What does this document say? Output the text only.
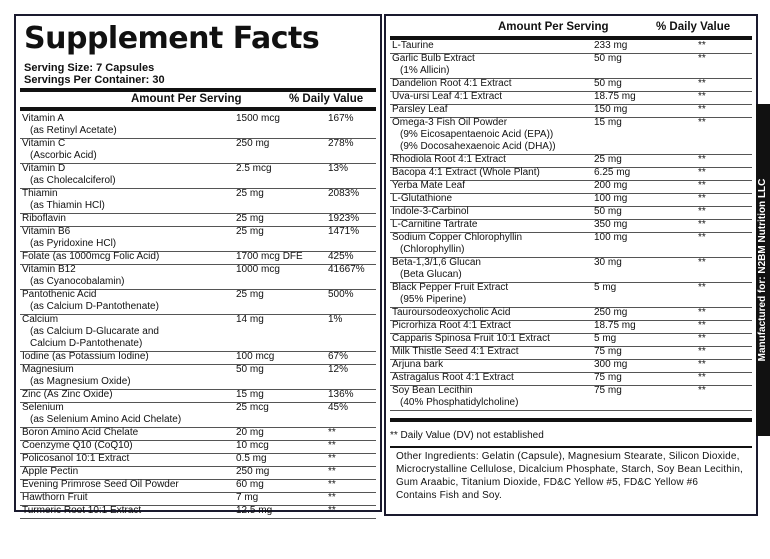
Supplement Facts
Serving Size: 7 Capsules
Servings Per Container: 30
Amount Per Serving	% Daily Value
Vitamin A
(as Retinyl Acetate)
1500 mcg	167%
Vitamin C
(Ascorbic Acid)
250 mg	278%
Vitamin D
(as Cholecalciferol)
2.5 mcg	13%
Thiamin
(as Thiamin HCl)
25 mg	2083%
Riboflavin	25 mg	1923%
Vitamin B6
(as Pyridoxine HCl)
25 mg	1471%
Folate (as 1000mcg Folic Acid)	1700 mcg DFE	425%
Vitamin B12
(as Cyanocobalamin)
1000 mcg	41667%
Pantothenic Acid
(as Calcium D-Pantothenate)
25 mg	500%
Calcium
(as Calcium D-Glucarate and
Calcium D-Pantothenate)
14 mg	1%
Iodine (as Potassium Iodine)	100 mcg	67%
Magnesium
(as Magnesium Oxide)
50 mg	12%
Zinc (As Zinc Oxide)	15 mg	136%
Selenium
(as Selenium Amino Acid Chelate)
25 mcg	45%
Boron Amino Acid Chelate	20 mg	**
Coenzyme Q10 (CoQ10)	10 mcg	**
Policosanol 10:1 Extract	0.5 mg	**
Apple Pectin	250 mg	**
Evening Primrose Seed Oil Powder	60 mg	**
Hawthorn Fruit	7 mg	**
Turmeric Root 10:1 Extract	12.5 mg	**
Amount Per Serving	% Daily Value
L-Taurine	233 mg	**
Garlic Bulb Extract
(1% Allicin)
50 mg	**
Dandelion Root 4:1 Extract	50 mg	**
Uva-ursi Leaf 4:1 Extract	18.75 mg	**
Parsley Leaf	150 mg	**
Omega-3 Fish Oil Powder
(9% Eicosapentaenoic Acid (EPA))
(9% Docosahexaenoic Acid (DHA))
15 mg	**
Rhodiola Root 4:1 Extract	25 mg	**
Bacopa 4:1 Extract (Whole Plant)	6.25 mg	**
Yerba Mate Leaf	200 mg	**
L-Glutathione	100 mg	**
Indole-3-Carbinol	50 mg	**
L-Carnitine Tartrate	350 mg	**
Sodium Copper Chlorophyllin
(Chlorophyllin)
100 mg	**
Beta-1,3/1,6 Glucan
(Beta Glucan)
30 mg	**
Black Pepper Fruit Extract
(95% Piperine)
5 mg	**
Tauroursodeoxycholic Acid	250 mg	**
Picrorhiza Root 4:1 Extract	18.75 mg	**
Capparis Spinosa Fruit 10:1 Extract	5 mg	**
Milk Thistle Seed 4:1 Extract	75 mg	**
Arjuna bark	300 mg	**
Astragalus Root 4:1 Extract	75 mg	**
Soy Bean Lecithin
(40% Phosphatidylcholine)
75 mg	**
** Daily Value (DV) not established
Other Ingredients: Gelatin (Capsule), Magnesium Stearate, Silicon Dioxide, Microcrystalline Cellulose, Dicalcium Phosphate, Starch, Soy Bean Lecithin, Gum Araabic, Titanium Dioxide, FD&C Yellow #5, FD&C Yellow #6
Contains Fish and Soy.
Manufactured for: N2BM Nutrition LLC
